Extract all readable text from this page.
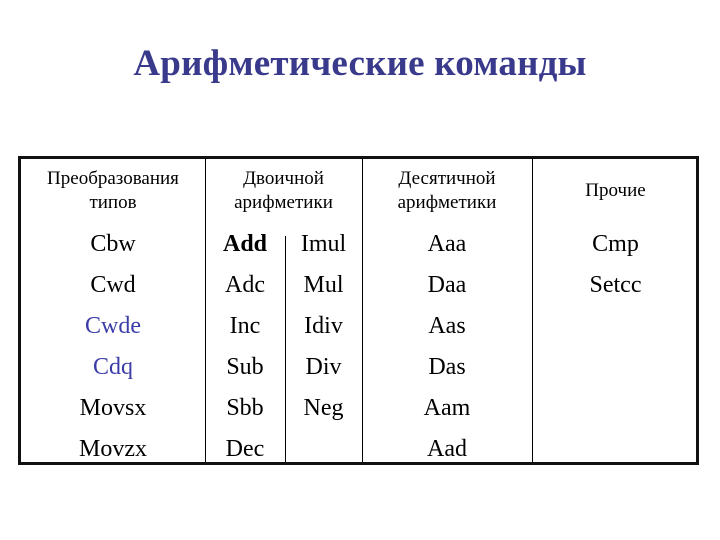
Арифметические команды
Преобразования
типов
Двоичной
арифметики
Десятичной
арифметики
Прочие
Cbw
Cwd
Cwde
Cdq
Movsx
Movzx
Add
Adc
Inc
Sub
Sbb
Dec
Imul
Mul
Idiv
Div
Neg
Aaa
Daa
Aas
Das
Aam
Aad
Cmp
Setcc
